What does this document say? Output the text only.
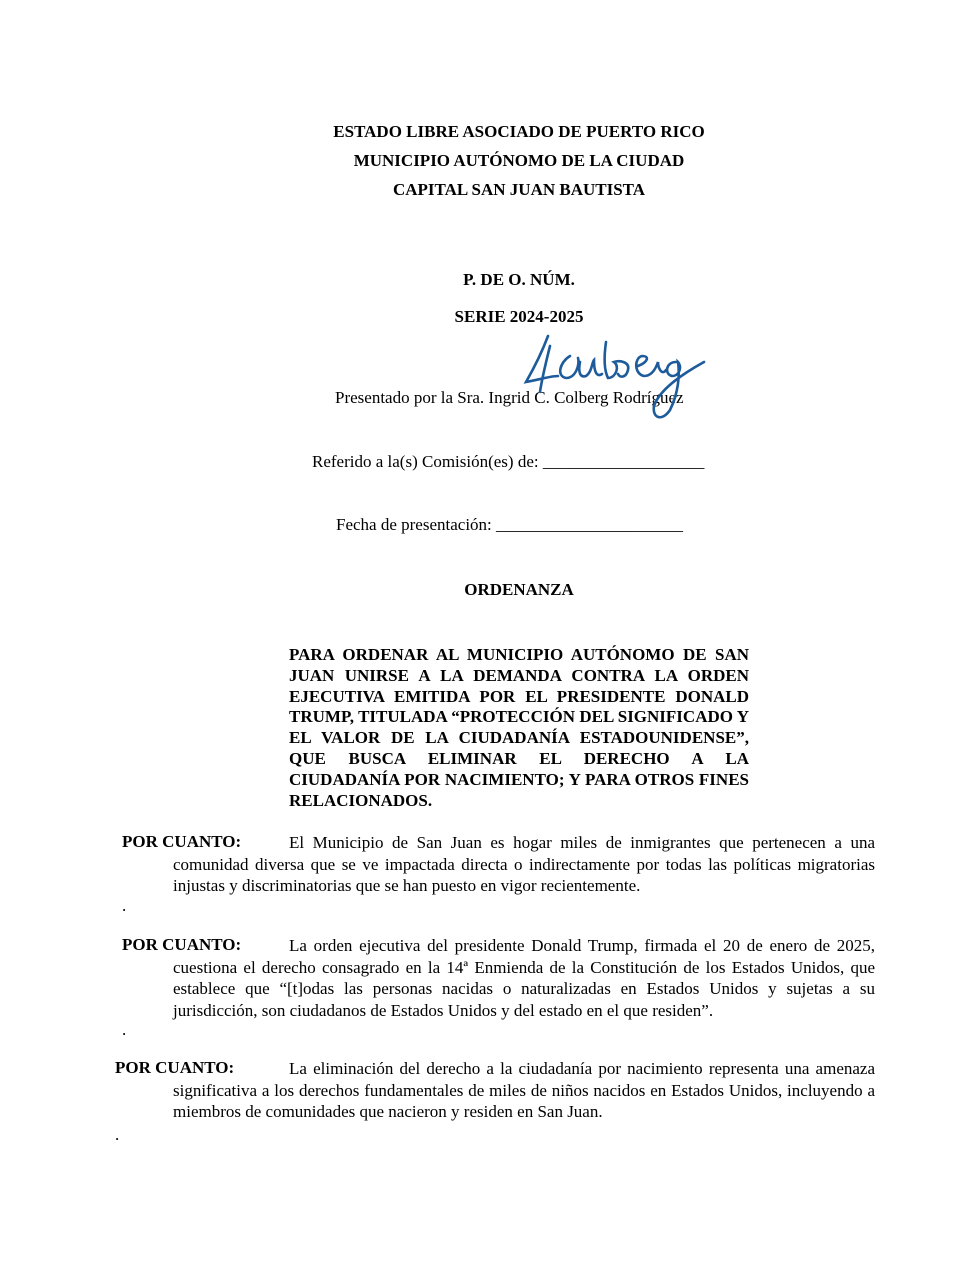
ESTADO LIBRE ASOCIADO DE PUERTO RICO
MUNICIPIO AUTÓNOMO DE LA CIUDAD
CAPITAL SAN JUAN BAUTISTA
P. DE O. NÚM.
SERIE 2024-2025
Presentado por la Sra. Ingrid C. Colberg Rodríguez
Referido a la(s) Comisión(es) de: ___________________
Fecha de presentación: ______________________
ORDENANZA
PARA ORDENAR AL MUNICIPIO AUTÓNOMO DE SAN JUAN UNIRSE A LA DEMANDA CONTRA LA ORDEN EJECUTIVA EMITIDA POR EL PRESIDENTE DONALD TRUMP, TITULADA “PROTECCIÓN DEL SIGNIFICADO Y EL VALOR DE LA CIUDADANÍA ESTADOUNIDENSE”, QUE BUSCA ELIMINAR EL DERECHO A LA CIUDADANÍA POR NACIMIENTO; Y PARA OTROS FINES RELACIONADOS.
POR CUANTO:	El Municipio de San Juan es hogar miles de inmigrantes que pertenecen a una
comunidad diversa que se ve impactada directa o indirectamente por todas las políticas migratorias injustas y discriminatorias que se han puesto en vigor recientemente.
.
POR CUANTO:	La orden ejecutiva del presidente Donald Trump, firmada el 20 de enero de 2025,
cuestiona el derecho consagrado en la 14ª Enmienda de la Constitución de los Estados Unidos, que establece que “[t]odas las personas nacidas o naturalizadas en Estados Unidos y sujetas a su jurisdicción, son ciudadanos de Estados Unidos y del estado en el que residen”.
.
POR CUANTO:	La eliminación del derecho a la ciudadanía por nacimiento representa una amenaza
significativa a los derechos fundamentales de miles de niños nacidos en Estados Unidos, incluyendo a miembros de comunidades que nacieron y residen en San Juan.
.
